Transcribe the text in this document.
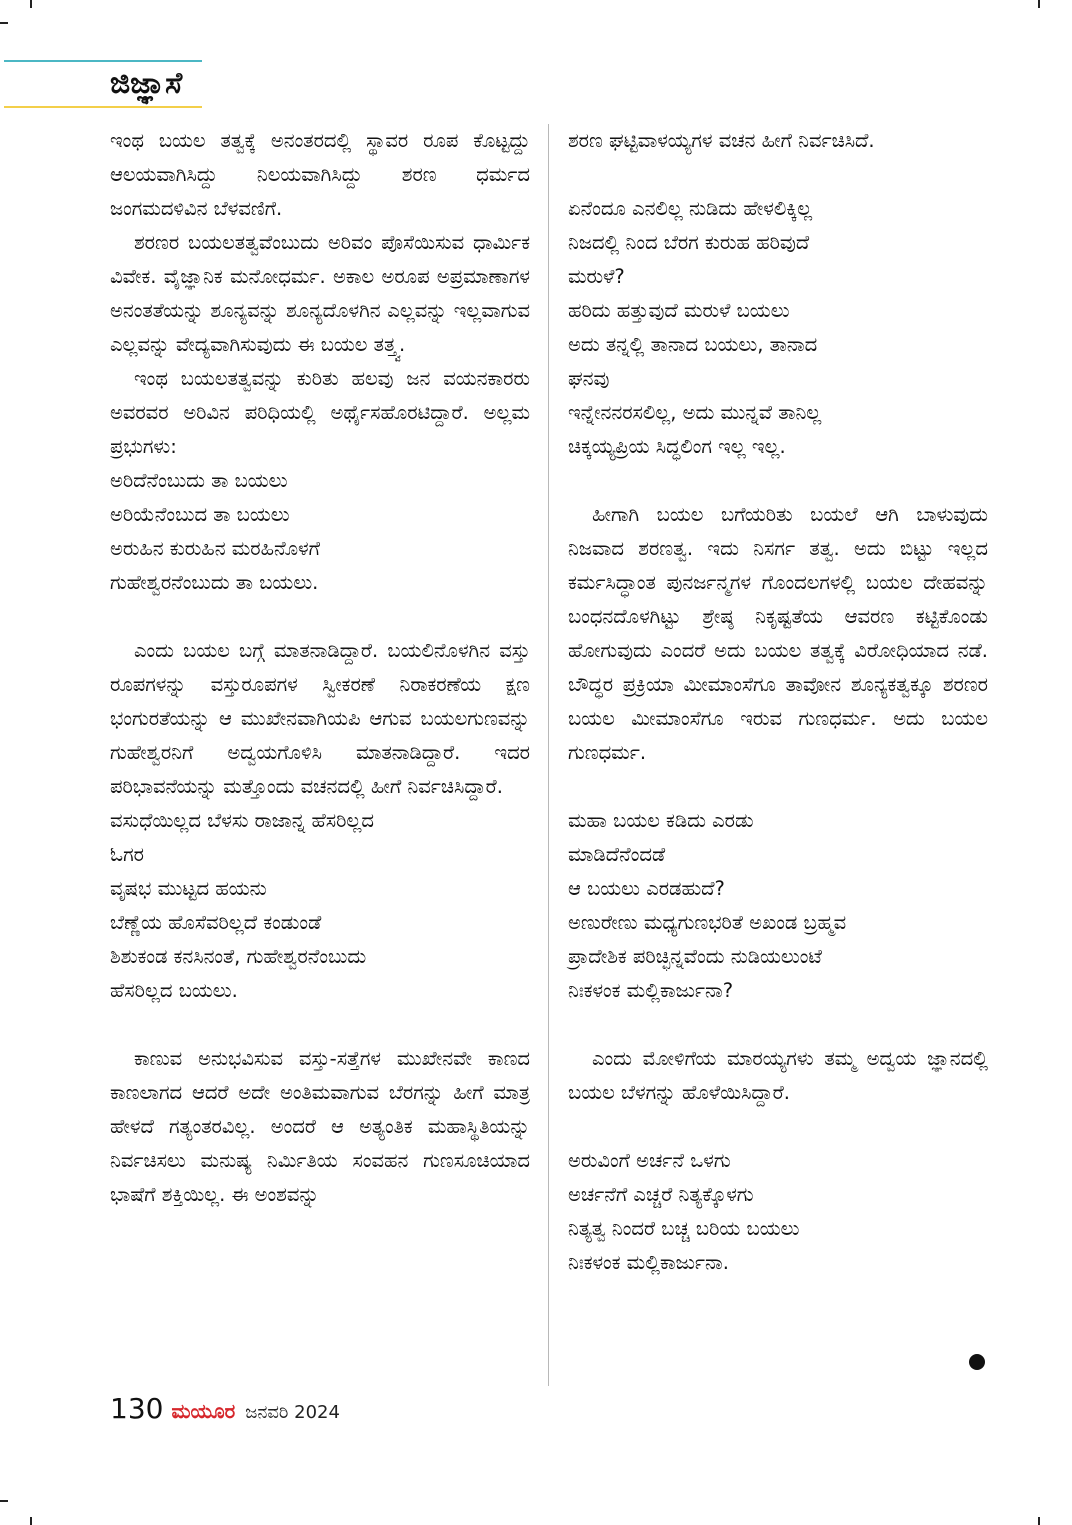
ಜಿಜ್ಞಾಸೆ

ಇಂಥ ಬಯಲ ತತ್ವಕ್ಕೆ ಅನಂತರದಲ್ಲಿ ಸ್ಥಾವರ ರೂಪ ಕೊಟ್ಟದ್ದು ಆಲಯವಾಗಿಸಿದ್ದು ನಿಲಯವಾಗಿಸಿದ್ದು ಶರಣ ಧರ್ಮದ ಜಂಗಮದಳಿವಿನ ಬೆಳವಣಿಗೆ.

ಶರಣರ ಬಯಲತತ್ವವೆಂಬುದು ಅರಿವಂ ಪೊಸೆಯಿಸುವ ಧಾರ್ಮಿಕ ವಿವೇಕ. ವೈಜ್ಞಾನಿಕ ಮನೋಧರ್ಮ. ಅಕಾಲ ಅರೂಪ ಅಪ್ರಮಾಣಾಗಳ ಅನಂತತೆಯನ್ನು ಶೂನ್ಯವನ್ನು ಶೂನ್ಯದೊಳಗಿನ ಎಲ್ಲವನ್ನು ಇಲ್ಲವಾಗುವ ಎಲ್ಲವನ್ನು ವೇದ್ಯವಾಗಿಸುವುದು ಈ ಬಯಲ ತತ್ತ್ವ.

ಇಂಥ ಬಯಲತತ್ವವನ್ನು ಕುರಿತು ಹಲವು ಜನ ವಯನಕಾರರು ಅವರವರ ಅರಿವಿನ ಪರಿಧಿಯಲ್ಲಿ ಅರ್ಥೈಸಹೊರಟಿದ್ದಾರೆ. ಅಲ್ಲಮ ಪ್ರಭುಗಳು:

ಅರಿದೆನೆಂಬುದು ತಾ ಬಯಲು
ಅರಿಯೆನೆಂಬುದ ತಾ ಬಯಲು
ಅರುಹಿನ ಕುರುಹಿನ ಮರಹಿನೊಳಗೆ
ಗುಹೇಶ್ವರನೆಂಬುದು ತಾ ಬಯಲು.

ಎಂದು ಬಯಲ ಬಗ್ಗೆ ಮಾತನಾಡಿದ್ದಾರೆ. ಬಯಲಿನೊಳಗಿನ ವಸ್ತು ರೂಪಗಳನ್ನು ವಸ್ತುರೂಪಗಳ ಸ್ವೀಕರಣೆ ನಿರಾಕರಣೆಯ ಕ್ಷಣ ಭಂಗುರತೆಯನ್ನು ಆ ಮುಖೇನವಾಗಿಯಪಿ ಆಗುವ ಬಯಲಗುಣವನ್ನು ಗುಹೇಶ್ವರನಿಗೆ ಅದ್ವಯಗೊಳಿಸಿ ಮಾತನಾಡಿದ್ದಾರೆ. ಇದರ ಪರಿಭಾವನೆಯನ್ನು ಮತ್ತೊಂದು ವಚನದಲ್ಲಿ ಹೀಗೆ ನಿರ್ವಚಿಸಿದ್ದಾರೆ.

ವಸುಧೆಯಿಲ್ಲದ ಬೆಳಸು ರಾಜಾನ್ನ ಹೆಸರಿಲ್ಲದ
ಓಗರ
ವೃಷಭ ಮುಟ್ಟದ ಹಯನು
ಬೆಣ್ಣೆಯ ಹೊಸೆವರಿಲ್ಲದೆ ಕಂಡುಂಡೆ
ಶಿಶುಕಂಡ ಕನಸಿನಂತೆ, ಗುಹೇಶ್ವರನೆಂಬುದು
ಹೆಸರಿಲ್ಲದ ಬಯಲು.

ಕಾಣುವ ಅನುಭವಿಸುವ ವಸ್ತು-ಸತ್ತೆಗಳ ಮುಖೇನವೇ ಕಾಣದ ಕಾಣಲಾಗದ ಆದರೆ ಅದೇ ಅಂತಿಮವಾಗುವ ಬೆರಗನ್ನು ಹೀಗೆ ಮಾತ್ರ ಹೇಳದೆ ಗತ್ಯಂತರವಿಲ್ಲ. ಅಂದರೆ ಆ ಅತ್ಯಂತಿಕ ಮಹಾಸ್ಥಿತಿಯನ್ನು ನಿರ್ವಚಿಸಲು ಮನುಷ್ಯ ನಿರ್ಮಿತಿಯ ಸಂವಹನ ಗುಣಸೂಚಿಯಾದ ಭಾಷೆಗೆ ಶಕ್ತಿಯಿಲ್ಲ. ಈ ಅಂಶವನ್ನು

ಶರಣ ಘಟ್ಟಿವಾಳಯ್ಯಗಳ ವಚನ ಹೀಗೆ ನಿರ್ವಚಿಸಿದೆ.

ಏನೆಂದೂ ಎನಲಿಲ್ಲ ನುಡಿದು ಹೇಳಲಿಕ್ಕಿಲ್ಲ
ನಿಜದಲ್ಲಿ ನಿಂದ ಬೆರಗ ಕುರುಹ ಹರಿವುದೆ
ಮರುಳೆ?
ಹರಿದು ಹತ್ತುವುದೆ ಮರುಳೆ ಬಯಲು
ಅದು ತನ್ನಲ್ಲಿ ತಾನಾದ ಬಯಲು, ತಾನಾದ
ಘನವು
ಇನ್ನೇನನರಸಲಿಲ್ಲ, ಅದು ಮುನ್ನವೆ ತಾನಿಲ್ಲ
ಚಿಕ್ಕಯ್ಯಪ್ರಿಯ ಸಿದ್ಧಲಿಂಗ ಇಲ್ಲ ಇಲ್ಲ.

ಹೀಗಾಗಿ ಬಯಲ ಬಗೆಯರಿತು ಬಯಲೆ ಆಗಿ ಬಾಳುವುದು ನಿಜವಾದ ಶರಣತ್ವ. ಇದು ನಿಸರ್ಗ ತತ್ವ. ಅದು ಬಿಟ್ಟು ಇಲ್ಲದ ಕರ್ಮಸಿದ್ಧಾಂತ ಪುನರ್ಜನ್ಮಗಳ ಗೊಂದಲಗಳಲ್ಲಿ ಬಯಲ ದೇಹವನ್ನು ಬಂಧನದೊಳಗಿಟ್ಟು ಶ್ರೇಷ್ಠ ನಿಕೃಷ್ಟತೆಯ ಆವರಣ ಕಟ್ಟಿಕೊಂಡು ಹೋಗುವುದು ಎಂದರೆ ಅದು ಬಯಲ ತತ್ವಕ್ಕೆ ವಿರೋಧಿಯಾದ ನಡೆ. ಬೌದ್ಧರ ಪ್ರಕ್ರಿಯಾ ಮೀಮಾಂಸೆಗೂ ತಾವೋನ ಶೂನ್ಯಕತ್ವಕ್ಕೂ ಶರಣರ ಬಯಲ ಮೀಮಾಂಸೆಗೂ ಇರುವ ಗುಣಧರ್ಮ. ಅದು ಬಯಲ ಗುಣಧರ್ಮ.

ಮಹಾ ಬಯಲ ಕಡಿದು ಎರಡು
ಮಾಡಿದೆನೆಂದಡೆ
ಆ ಬಯಲು ಎರಡಹುದೆ?
ಅಣುರೇಣು ಮಧ್ಯಗುಣಭರಿತೆ ಅಖಂಡ ಬ್ರಹ್ಮವ
ಪ್ರಾದೇಶಿಕ ಪರಿಚ್ಛಿನ್ನವೆಂದು ನುಡಿಯಲುಂಟೆ
ನಿಃಕಳಂಕ ಮಲ್ಲಿಕಾರ್ಜುನಾ?

ಎಂದು ಮೋಳಿಗೆಯ ಮಾರಯ್ಯಗಳು ತಮ್ಮ ಅದ್ವಯ ಜ್ಞಾನದಲ್ಲಿ ಬಯಲ ಬೆಳಗನ್ನು ಹೊಳೆಯಿಸಿದ್ದಾರೆ.

ಅರುವಿಂಗೆ ಅರ್ಚನೆ ಒಳಗು
ಅರ್ಚನೆಗೆ ಎಚ್ಚರೆ ನಿತ್ಯಕ್ಕೊಳಗು
ನಿತ್ಯತ್ವ ನಿಂದರೆ ಬಚ್ಚ ಬರಿಯ ಬಯಲು
ನಿಃಕಳಂಕ ಮಲ್ಲಿಕಾರ್ಜುನಾ.
130 ಮಯೂರ ಜನವರಿ 2024
